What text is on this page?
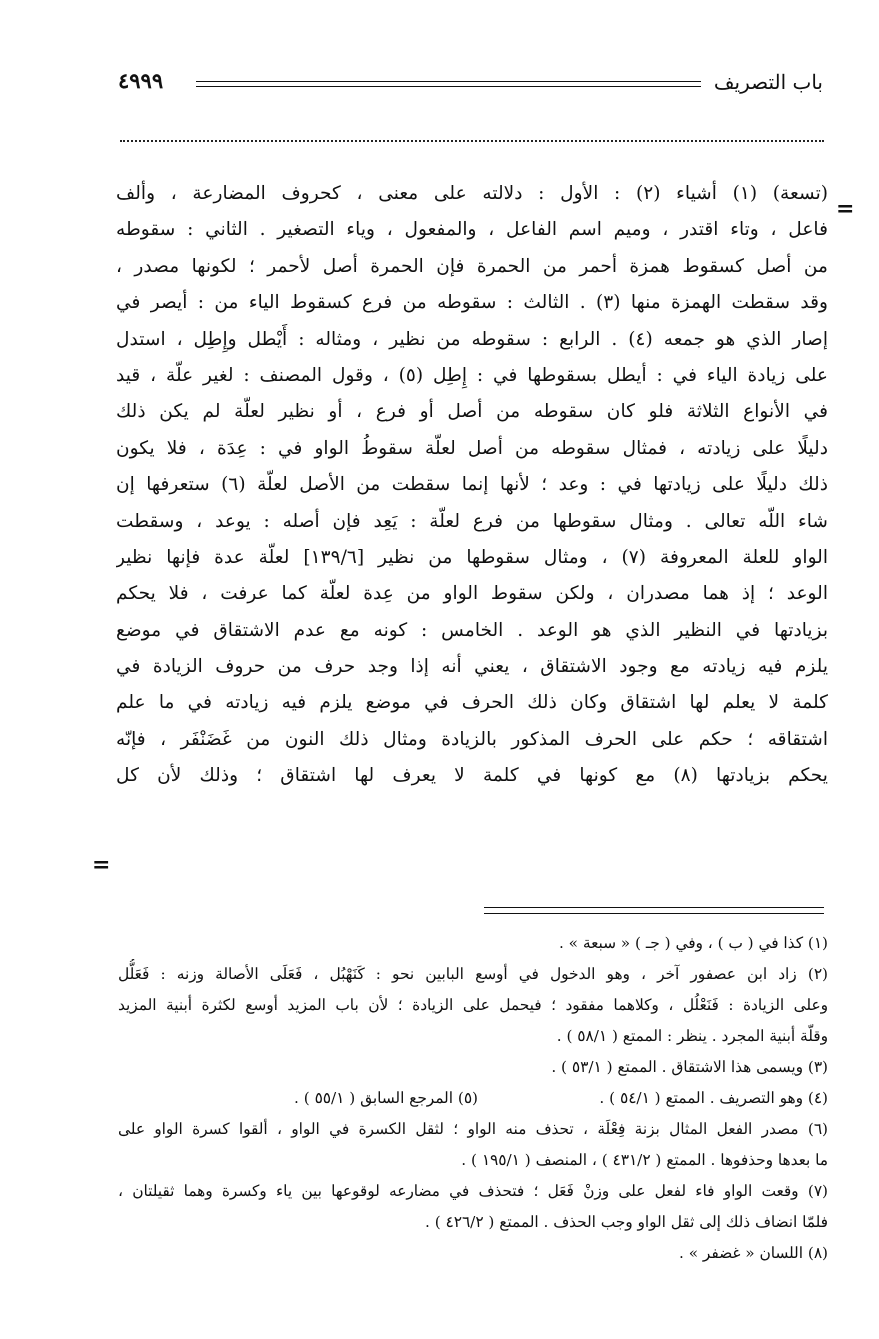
٤٩٩٩	باب التصريف
=
(تسعة) (١) أشياء (٢) : الأول : دلالته على معنى ، كحروف المضارعة ، وألف
فاعل ، وتاء اقتدر ، وميم اسم الفاعل ، والمفعول ، وياء التصغير . الثاني : سقوطه
من أصل كسقوط همزة أحمر من الحمرة فإن الحمرة أصل لأحمر ؛ لكونها مصدر ،
وقد سقطت الهمزة منها (٣) . الثالث : سقوطه من فرع كسقوط الياء من : أيصر في
إصار الذي هو جمعه (٤) . الرابع : سقوطه من نظير ، ومثاله : أَيْطل وإِطِل ، استدل
على زيادة الياء في : أيطل بسقوطها في : إِطِل (٥) ، وقول المصنف : لغير علّة ، قيد
في الأنواع الثلاثة فلو كان سقوطه من أصل أو فرع ، أو نظير لعلّة لم يكن ذلك
دليلًا على زيادته ، فمثال سقوطه من أصل لعلّة سقوطُ الواو في : عِدَة ، فلا يكون
ذلك دليلًا على زيادتها في : وعد ؛ لأنها إنما سقطت من الأصل لعلّة (٦) ستعرفها إن
شاء اللّه تعالى . ومثال سقوطها من فرع لعلّة : يَعِد فإن أصله : يوعد ، وسقطت
الواو للعلة المعروفة (٧) ، ومثال سقوطها من نظير [١٣٩/٦] لعلّة عدة فإنها نظير
الوعد ؛ إذ هما مصدران ، ولكن سقوط الواو من عِدة لعلّة كما عرفت ، فلا يحكم
بزيادتها في النظير الذي هو الوعد . الخامس : كونه مع عدم الاشتقاق في موضع
يلزم فيه زيادته مع وجود الاشتقاق ، يعني أنه إذا وجد حرف من حروف الزيادة في
كلمة لا يعلم لها اشتقاق وكان ذلك الحرف في موضع يلزم فيه زيادته في ما علم
اشتقاقه ؛ حكم على الحرف المذكور بالزيادة ومثال ذلك النون من غَضَنْفَر ، فإنّه
يحكم بزيادتها (٨) مع كونها في كلمة لا يعرف لها اشتقاق ؛ وذلك لأن كل
=
(١) كذا في ( ب ) ، وفي ( جـ ) « سبعة » .
(٢) زاد ابن عصفور آخر ، وهو الدخول في أوسع البابين نحو : كَنَهْبُل ، فَعَلَى الأصالة وزنه : فَعَلُّل
وعلى الزيادة : فَنَعْلُل ، وكلاهما مفقود ؛ فيحمل على الزيادة ؛ لأن باب المزيد أوسع لكثرة أبنية المزيد
وقلّة أبنية المجرد . ينظر : الممتع ( ٥٨/١ ) .
(٣) ويسمى هذا الاشتقاق . الممتع ( ٥٣/١ ) .
(٤) وهو التصريف . الممتع ( ٥٤/١ ) .
(٥) المرجع السابق ( ٥٥/١ ) .
(٦) مصدر الفعل المثال بزنة فِعْلَة ، تحذف منه الواو ؛ لثقل الكسرة في الواو ، ألقوا كسرة الواو على
ما بعدها وحذفوها . الممتع ( ٤٣١/٢ ) ، المنصف ( ١٩٥/١ ) .
(٧) وقعت الواو فاء لفعل على وزنْ فَعَل ؛ فتحذف في مضارعه لوقوعها بين ياء وكسرة وهما ثقيلتان ،
فلمّا انضاف ذلك إلى ثقل الواو وجب الحذف . الممتع ( ٤٢٦/٢ ) .
(٨) اللسان « غضفر » .
